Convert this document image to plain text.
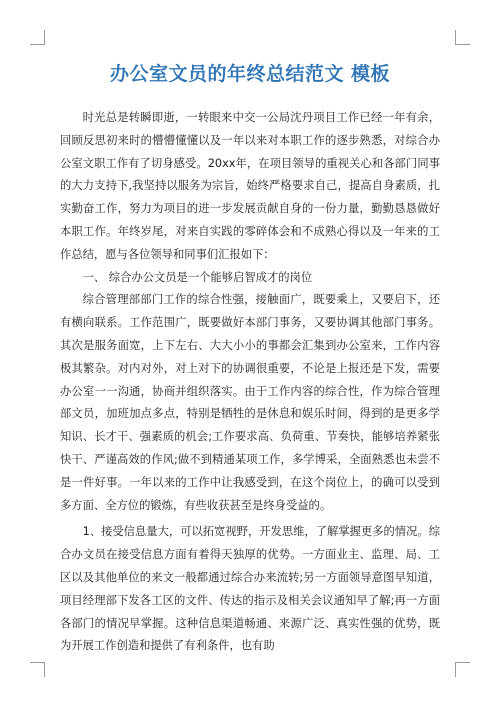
办公室文员的年终总结范文 模板

时光总是转瞬即逝，一转眼来中交一公局沈丹项目工作已经一年有余，回顾反思初来时的懵懵懂懂以及一年以来对本职工作的逐步熟悉，对综合办公室文职工作有了切身感受。20xx年，在项目领导的重视关心和各部门同事的大力支持下,我坚持以服务为宗旨，始终严格要求自己，提高自身素质，扎实勤奋工作，努力为项目的进一步发展贡献自身的一份力量，勤勤恳恳做好本职工作。年终岁尾，对来自实践的零碎体会和不成熟心得以及一年来的工作总结，愿与各位领导和同事们汇报如下：

一、 综合办公文员是一个能够启智成才的岗位

综合管理部部门工作的综合性强，接触面广，既要乘上，又要启下，还有横向联系。工作范围广，既要做好本部门事务，又要协调其他部门事务。其次是服务面宽，上下左右、大大小小的事都会汇集到办公室来，工作内容极其繁杂。对内对外，对上对下的协调很重要，不论是上报还是下发，需要办公室一一沟通，协商并组织落实。由于工作内容的综合性，作为综合管理部文员，加班加点多点，特别是牺牲的是休息和娱乐时间，得到的是更多学知识、长才干、强素质的机会;工作要求高、负荷重、节奏快，能够培养紧张快干、严谨高效的作风;做不到精通某项工作，多学博采，全面熟悉也未尝不是一件好事。一年以来的工作中让我感受到，在这个岗位上，的确可以受到多方面、全方位的锻炼，有些收获甚至是终身受益的。

1、接受信息量大，可以拓宽视野，开发思维，了解掌握更多的情况。综合办文员在接受信息方面有着得天独厚的优势。一方面业主、监理、局、工区以及其他单位的来文一般都通过综合办来流转;另一方面领导意图早知道，项目经理部下发各工区的文件、传达的指示及相关会议通知早了解;再一方面各部门的情况早掌握。这种信息渠道畅通、来源广泛、真实性强的优势，既为开展工作创造和提供了有利条件，也有助
